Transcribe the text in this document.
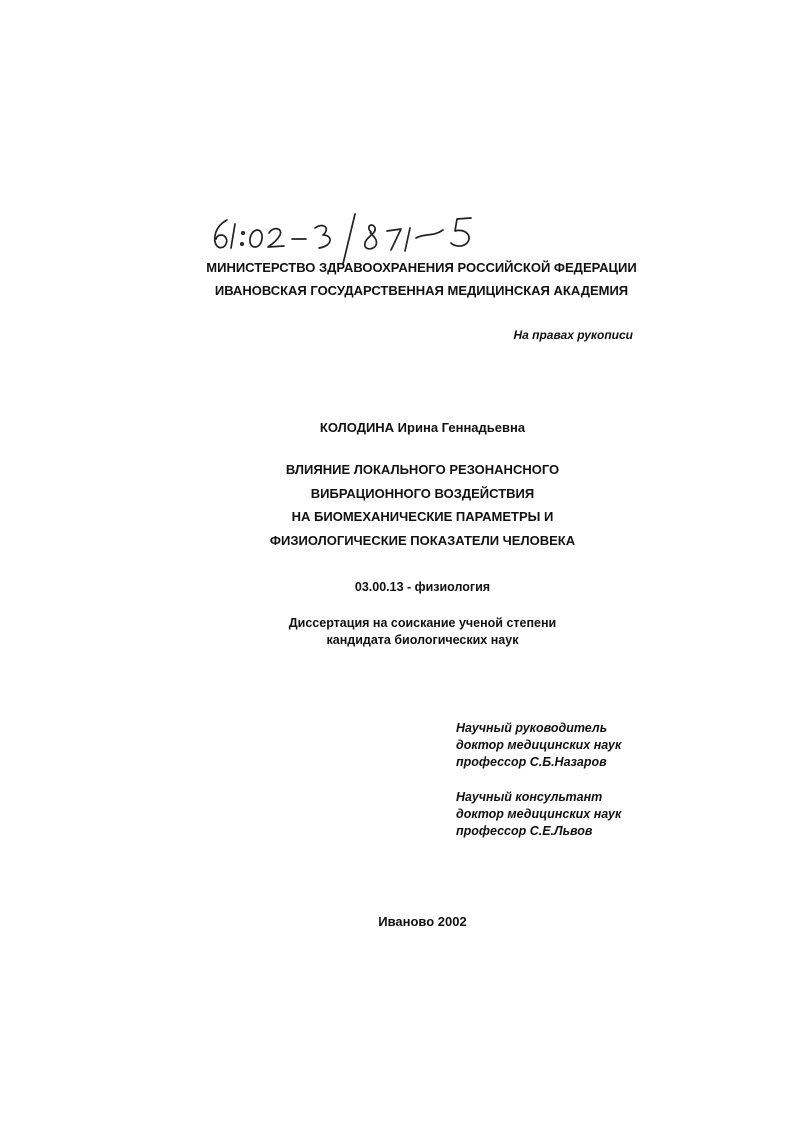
МИНИСТЕРСТВО ЗДРАВООХРАНЕНИЯ РОССИЙСКОЙ ФЕДЕРАЦИИ
ИВАНОВСКАЯ ГОСУДАРСТВЕННАЯ МЕДИЦИНСКАЯ АКАДЕМИЯ
На правах рукописи
КОЛОДИНА Ирина Геннадьевна
ВЛИЯНИЕ ЛОКАЛЬНОГО РЕЗОНАНСНОГО
ВИБРАЦИОННОГО ВОЗДЕЙСТВИЯ
НА БИОМЕХАНИЧЕСКИЕ ПАРАМЕТРЫ И
ФИЗИОЛОГИЧЕСКИЕ ПОКАЗАТЕЛИ ЧЕЛОВЕКА
03.00.13 - физиология
Диссертация на соискание ученой степени
кандидата биологических наук
Научный руководитель
доктор медицинских наук
профессор С.Б.Назаров
Научный консультант
доктор медицинских наук
профессор С.Е.Львов
Иваново 2002
